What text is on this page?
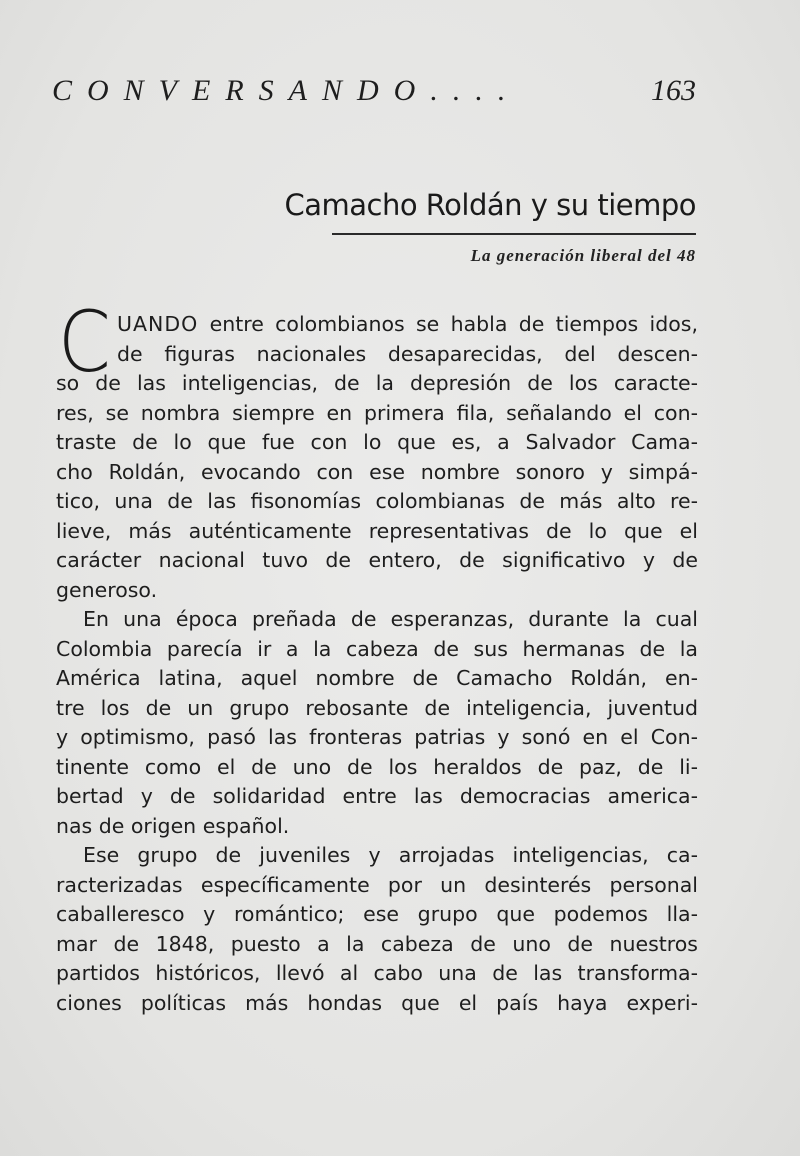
CONVERSANDO....	163
Camacho Roldán y su tiempo
La generación liberal del 48
C UANDO entre colombianos se habla de tiempos idos,
de figuras nacionales desaparecidas, del descen-
so de las inteligencias, de la depresión de los caracte-
res, se nombra siempre en primera fila, señalando el con-
traste de lo que fue con lo que es, a Salvador Cama-
cho Roldán, evocando con ese nombre sonoro y simpá-
tico, una de las fisonomías colombianas de más alto re-
lieve, más auténticamente representativas de lo que el
carácter nacional tuvo de entero, de significativo y de
generoso.
En una época preñada de esperanzas, durante la cual
Colombia parecía ir a la cabeza de sus hermanas de la
América latina, aquel nombre de Camacho Roldán, en-
tre los de un grupo rebosante de inteligencia, juventud
y optimismo, pasó las fronteras patrias y sonó en el Con-
tinente como el de uno de los heraldos de paz, de li-
bertad y de solidaridad entre las democracias america-
nas de origen español.
Ese grupo de juveniles y arrojadas inteligencias, ca-
racterizadas específicamente por un desinterés personal
caballeresco y romántico; ese grupo que podemos lla-
mar de 1848, puesto a la cabeza de uno de nuestros
partidos históricos, llevó al cabo una de las transforma-
ciones políticas más hondas que el país haya experi-
